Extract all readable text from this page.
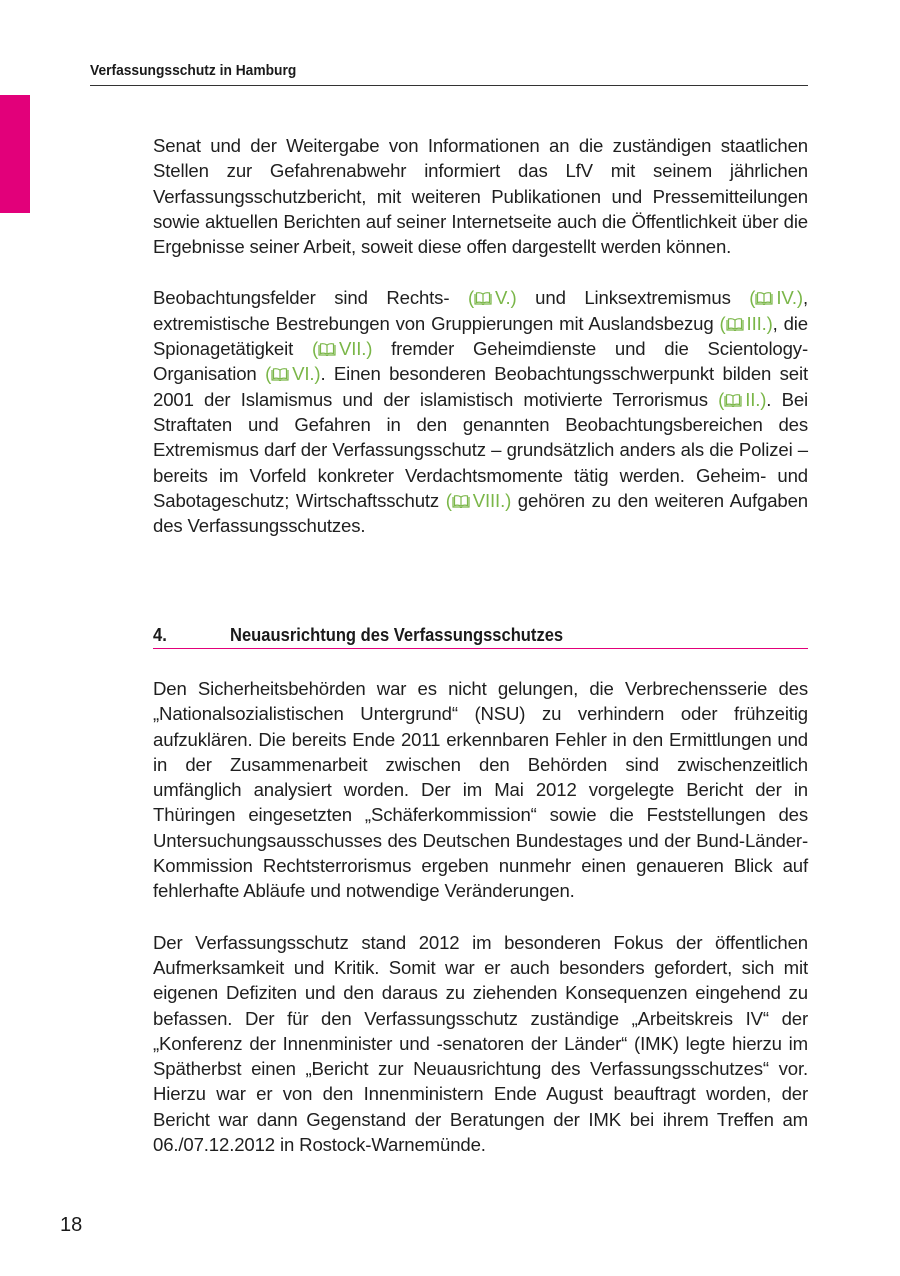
Verfassungsschutz in Hamburg

Senat und der Weitergabe von Informationen an die zuständigen staatlichen Stellen zur Gefahrenabwehr informiert das LfV mit seinem jährlichen Verfassungsschutzbericht, mit weiteren Publikationen und Pressemitteilungen sowie aktuellen Berichten auf seiner Internetseite auch die Öffentlichkeit über die Ergebnisse seiner Arbeit, soweit diese offen dargestellt werden können.

Beobachtungsfelder sind Rechts- ( V.) und Linksextremismus ( IV.), extremistische Bestrebungen von Gruppierungen mit Auslandsbezug ( III.), die Spionagetätigkeit ( VII.) fremder Geheimdienste und die Scientology-Organisation ( VI.). Einen besonderen Beobachtungsschwerpunkt bilden seit 2001 der Islamismus und der islamistisch motivierte Terrorismus ( II.). Bei Straftaten und Gefahren in den genannten Beobachtungsbereichen des Extremismus darf der Verfassungsschutz – grundsätzlich anders als die Polizei – bereits im Vorfeld konkreter Verdachtsmomente tätig werden. Geheim- und Sabotageschutz; Wirtschaftsschutz ( VIII.) gehören zu den weiteren Aufgaben des Verfassungsschutzes.

4.	Neuausrichtung des Verfassungsschutzes

Den Sicherheitsbehörden war es nicht gelungen, die Verbrechensserie des „Nationalsozialistischen Untergrund“ (NSU) zu verhindern oder frühzeitig aufzuklären. Die bereits Ende 2011 erkennbaren Fehler in den Ermittlungen und in der Zusammenarbeit zwischen den Behörden sind zwischenzeitlich umfänglich analysiert worden. Der im Mai 2012 vorgelegte Bericht der in Thüringen eingesetzten „Schäferkommission“ sowie die Feststellungen des Untersuchungsausschusses des Deutschen Bundestages und der Bund-Länder-Kommission Rechtsterrorismus ergeben nunmehr einen genaueren Blick auf fehlerhafte Abläufe und notwendige Veränderungen.

Der Verfassungsschutz stand 2012 im besonderen Fokus der öffentlichen Aufmerksamkeit und Kritik. Somit war er auch besonders gefordert, sich mit eigenen Defiziten und den daraus zu ziehenden Konsequenzen eingehend zu befassen. Der für den Verfassungsschutz zuständige „Arbeitskreis IV“ der „Konferenz der Innenminister und -senatoren der Länder“ (IMK) legte hierzu im Spätherbst einen „Bericht zur Neuausrichtung des Verfassungsschutzes“ vor. Hierzu war er von den Innenministern Ende August beauftragt worden, der Bericht war dann Gegenstand der Beratungen der IMK bei ihrem Treffen am 06./07.12.2012 in Rostock-Warnemünde.

18
